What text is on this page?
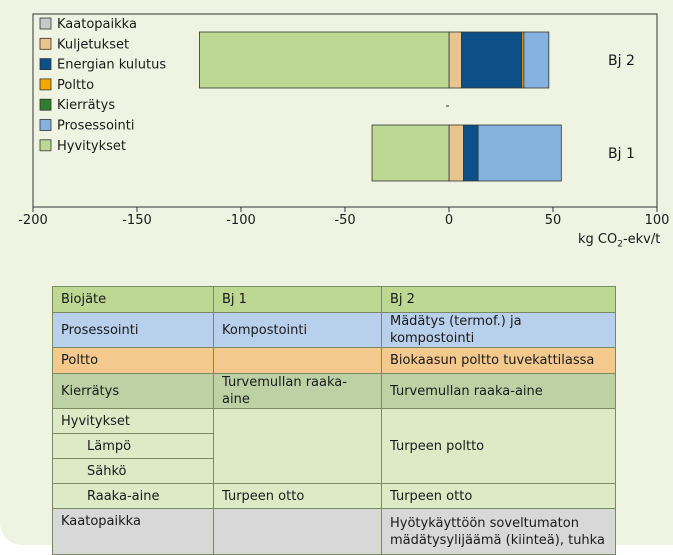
-200	-150	-100	-50	0	50	100
Bj 2
Bj 1
Kaatopaikka
Kuljetukset
Energian kulutus
Poltto
Kierrätys
Prosessointi
Hyvitykset
kg $CO_2-ekv/t$
Biojäte	Bj 1	Bj 2
Prosessointi	Kompostointi	Mädätys (termof.) ja kompostointi
Poltto		Biokaasun poltto tuvekattilassa
Kierrätys	Turvemullan raaka-aine	Turvemullan raaka-aine
Hyvitykset		Turpeen poltto
Lämpö		
Sähkö		
Raaka-aine	Turpeen otto	Turpeen otto
Kaatopaikka		Hyötykäyttöön soveltumaton mädätysylijäämä (kiinteä), tuhka
